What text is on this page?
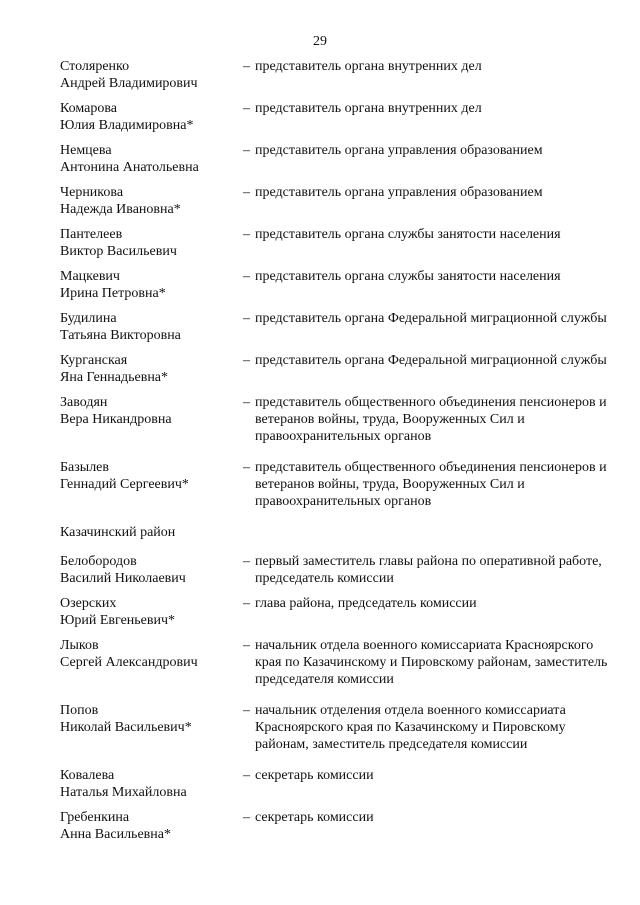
29
Столяренко
Андрей Владимирович
– представитель органа внутренних дел
Комарова
Юлия Владимировна*
– представитель органа внутренних дел
Немцева
Антонина Анатольевна
– представитель органа управления образованием
Черникова
Надежда Ивановна*
– представитель органа управления образованием
Пантелеев
Виктор Васильевич
– представитель органа службы занятости населения
Мацкевич
Ирина Петровна*
– представитель органа службы занятости населения
Будилина
Татьяна Викторовна
– представитель органа Федеральной миграционной службы
Курганская
Яна Геннадьевна*
– представитель органа Федеральной миграционной службы
Заводян
Вера Никандровна
– представитель общественного объединения пенсионеров и ветеранов войны, труда, Вооруженных Сил и правоохранительных органов
Базылев
Геннадий Сергеевич*
– представитель общественного объединения пенсионеров и ветеранов войны, труда, Вооруженных Сил и правоохранительных органов
Казачинский район
Белобородов
Василий Николаевич
– первый заместитель главы района по оперативной работе, председатель комиссии
Озерских
Юрий Евгеньевич*
– глава района, председатель комиссии
Лыков
Сергей Александрович
– начальник отдела военного комиссариата Красноярского края по Казачинскому и Пировскому районам, заместитель председателя комиссии
Попов
Николай Васильевич*
– начальник отделения отдела военного комиссариата Красноярского края по Казачинскому и Пировскому районам, заместитель председателя комиссии
Ковалева
Наталья Михайловна
– секретарь комиссии
Гребенкина
Анна Васильевна*
– секретарь комиссии
